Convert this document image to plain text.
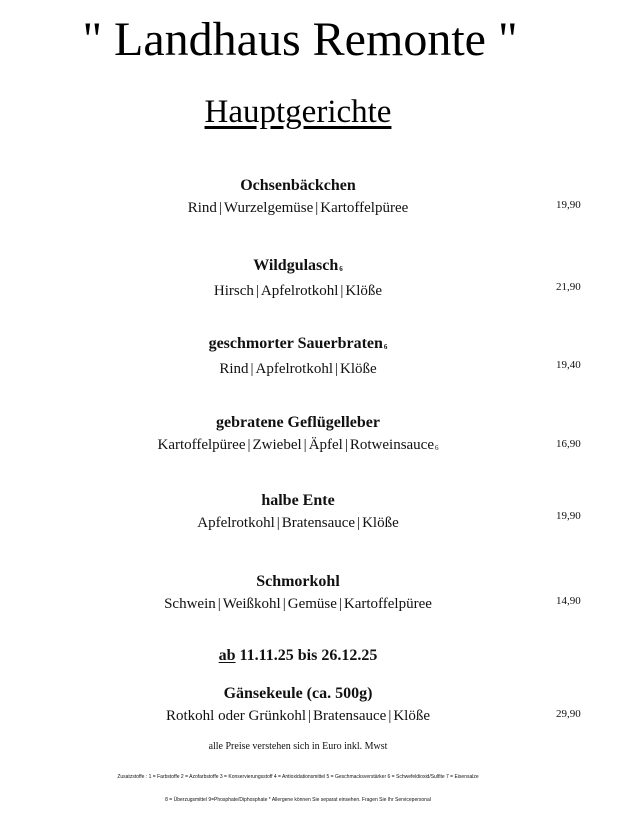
" Landhaus Remonte "
Hauptgerichte
Ochsenbäckchen
Rind | Wurzelgemüse | Kartoffelpüree	19,90
Wildgulasch6
Hirsch | Apfelrotkohl | Klöße	21,90
geschmorter Sauerbraten6
Rind | Apfelrotkohl | Klöße	19,40
gebratene Geflügelleber
Kartoffelpüree | Zwiebel | Äpfel | Rotweinsauce6	16,90
halbe Ente
Apfelrotkohl | Bratensauce | Klöße	19,90
Schmorkohl
Schwein | Weißkohl | Gemüse | Kartoffelpüree	14,90
ab 11.11.25 bis 26.12.25
Gänsekeule (ca. 500g)
Rotkohl oder Grünkohl | Bratensauce | Klöße	29,90
alle Preise verstehen sich in Euro inkl. Mwst
Zusatzstoffe : 1 = Farbstoffe 2 = Azofarbstoffe 3 = Konservierungsstoff 4 = Antioxidationsmittel 5 = Geschmacksverstärker 6 = Schwefeldioxid/Sulfite 7 = Eisensalze
8 = Überzugsmittel 9=Phosphate/Diphosphate * Allergene können Sie separat einsehen. Fragen Sie Ihr Servicepersonal
